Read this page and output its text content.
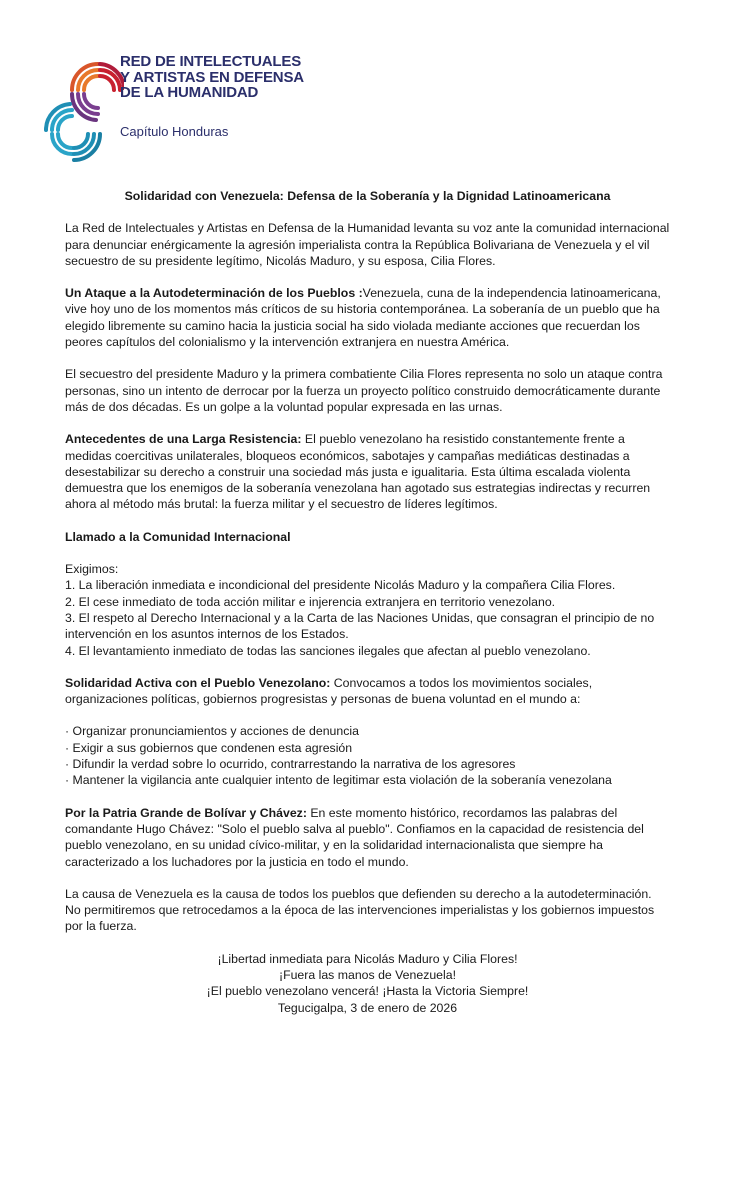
RED DE INTELECTUALES
Y ARTISTAS EN DEFENSA
DE LA HUMANIDAD
Capítulo Honduras

Solidaridad con Venezuela: Defensa de la Soberanía y la Dignidad Latinoamericana

La Red de Intelectuales y Artistas en Defensa de la Humanidad levanta su voz ante la comunidad internacional para denunciar enérgicamente la agresión imperialista contra la República Bolivariana de Venezuela y el vil secuestro de su presidente legítimo, Nicolás Maduro, y su esposa, Cilia Flores.

Un Ataque a la Autodeterminación de los Pueblos :Venezuela, cuna de la independencia latinoamericana, vive hoy uno de los momentos más críticos de su historia contemporánea. La soberanía de un pueblo que ha elegido libremente su camino hacia la justicia social ha sido violada mediante acciones que recuerdan los peores capítulos del colonialismo y la intervención extranjera en nuestra América.

El secuestro del presidente Maduro y la primera combatiente Cilia Flores representa no solo un ataque contra personas, sino un intento de derrocar por la fuerza un proyecto político construido democráticamente durante más de dos décadas. Es un golpe a la voluntad popular expresada en las urnas.

Antecedentes de una Larga Resistencia: El pueblo venezolano ha resistido constantemente frente a medidas coercitivas unilaterales, bloqueos económicos, sabotajes y campañas mediáticas destinadas a desestabilizar su derecho a construir una sociedad más justa e igualitaria. Esta última escalada violenta demuestra que los enemigos de la soberanía venezolana han agotado sus estrategias indirectas y recurren ahora al método más brutal: la fuerza militar y el secuestro de líderes legítimos.

Llamado a la Comunidad Internacional

Exigimos:
1. La liberación inmediata e incondicional del presidente Nicolás Maduro y la compañera Cilia Flores.
2. El cese inmediato de toda acción militar e injerencia extranjera en territorio venezolano.
3. El respeto al Derecho Internacional y a la Carta de las Naciones Unidas, que consagran el principio de no intervención en los asuntos internos de los Estados.
4. El levantamiento inmediato de todas las sanciones ilegales que afectan al pueblo venezolano.

Solidaridad Activa con el Pueblo Venezolano: Convocamos a todos los movimientos sociales, organizaciones políticas, gobiernos progresistas y personas de buena voluntad en el mundo a:

· Organizar pronunciamientos y acciones de denuncia
· Exigir a sus gobiernos que condenen esta agresión
· Difundir la verdad sobre lo ocurrido, contrarrestando la narrativa de los agresores
· Mantener la vigilancia ante cualquier intento de legitimar esta violación de la soberanía venezolana

Por la Patria Grande de Bolívar y Chávez: En este momento histórico, recordamos las palabras del comandante Hugo Chávez: "Solo el pueblo salva al pueblo". Confiamos en la capacidad de resistencia del pueblo venezolano, en su unidad cívico-militar, y en la solidaridad internacionalista que siempre ha caracterizado a los luchadores por la justicia en todo el mundo.

La causa de Venezuela es la causa de todos los pueblos que defienden su derecho a la autodeterminación. No permitiremos que retrocedamos a la época de las intervenciones imperialistas y los gobiernos impuestos por la fuerza.

¡Libertad inmediata para Nicolás Maduro y Cilia Flores!
¡Fuera las manos de Venezuela!
¡El pueblo venezolano vencerá! ¡Hasta la Victoria Siempre!
Tegucigalpa, 3 de enero de 2026
